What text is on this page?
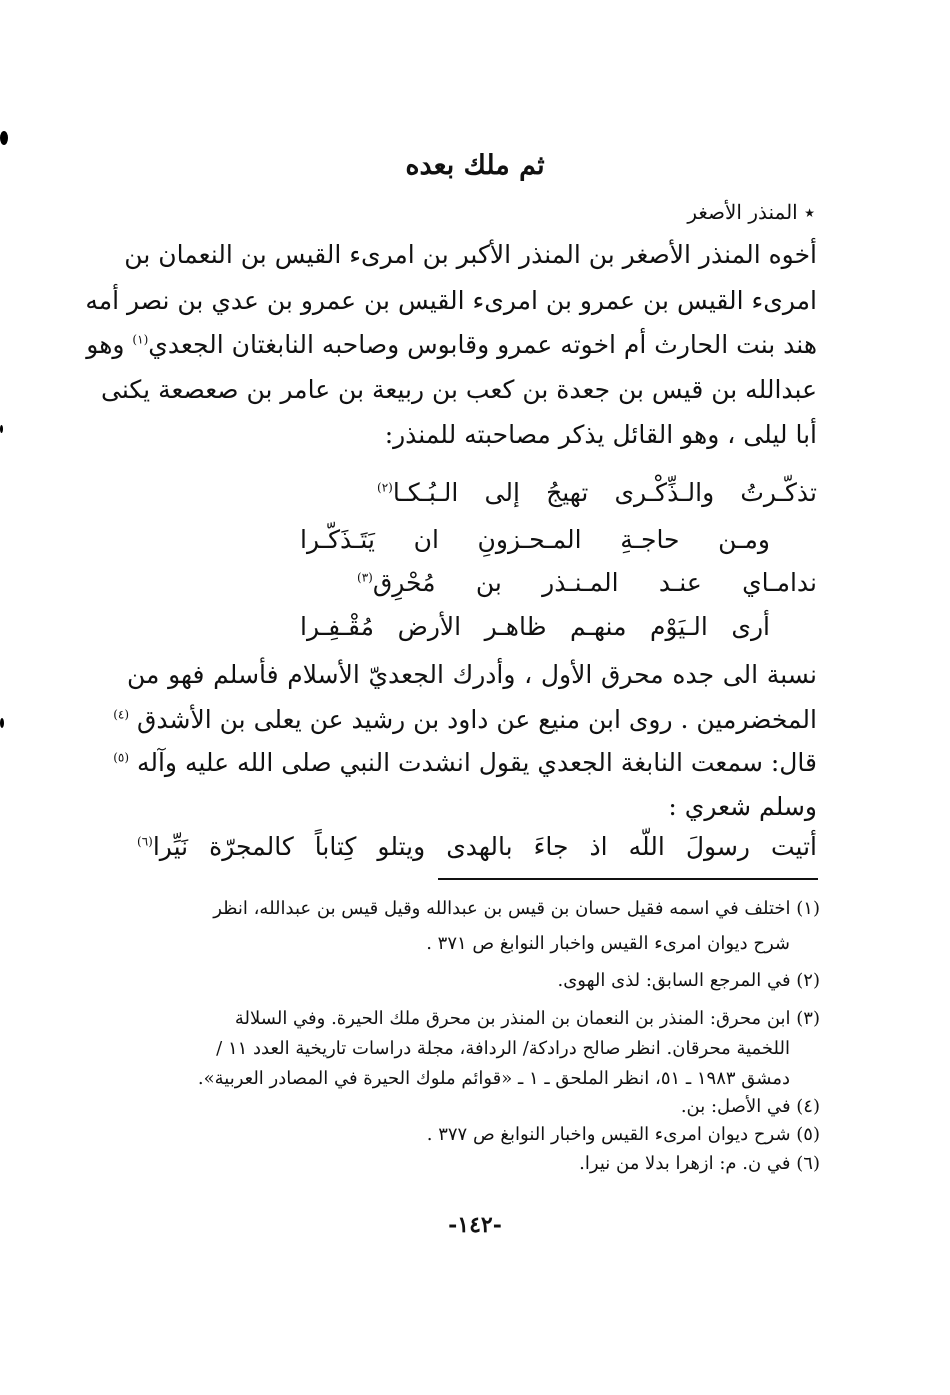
ثم ملك بعده
٭ المنذر الأصغر
أخوه المنذر الأصغر بن المنذر الأكبر بن امرىء القيس بن النعمان بن
امرىء القيس بن عمرو بن امرىء القيس بن عمرو بن عدي بن نصر أمه
هند بنت الحارث أم اخوته عمرو وقابوس وصاحبه النابغتان الجعدي$^{(١)}$ وهو
عبدالله بن قيس بن جعدة بن كعب بن ربيعة بن عامر بن صعصعة يكنى
أبا ليلى ، وهو القائل يذكر مصاحبته للمنذر:
تذكّـرتُ والـذِّكْـرى تهيجُ إلى الـبُـكـا$^{(٢)}$
ومـن حاجـةِ المـحـزونِ ان يَتَـذَكّـرا
ندامـاي عنـد المـنـذر بن مُحْرِق$^{(٣)}$
أرى الـيَوْم منهـم ظاهـر الأرض مُقْـفِـرا
نسبة الى جده محرق الأول ، وأدرك الجعديّ الأسلام فأسلم فهو من
المخضرمين . روى ابن منيع عن داود بن رشيد عن يعلى بن الأشدق $^{(٤)}$
قال: سمعت النابغة الجعدي يقول انشدت النبي صلى الله عليه وآله $^{(٥)}$
وسلم شعري :
أتيت رسولَ اللّه اذ جاءَ بالهدى ويتلو كِتاباً كالمجرّة نَيِّرا$^{(٦)}$
(١) اختلف في اسمه فقيل حسان بن قيس بن عبدالله وقيل قيس بن عبدالله، انظر
شرح ديوان امرىء القيس واخبار النوابغ ص ٣٧١ .
(٢) في المرجع السابق: لذى الهوى.
(٣) ابن محرق: المنذر بن النعمان بن المنذر بن محرق ملك الحيرة. وفي السلالة
اللخمية محرقان. انظر صالح درادكة/ الردافة، مجلة دراسات تاريخية العدد ١١ /
دمشق ١٩٨٣ ـ ٥١، انظر الملحق ـ ١ ـ «قوائم ملوك الحيرة في المصادر العربية».
(٤) في الأصل: بن.
(٥) شرح ديوان امرىء القيس واخبار النوابغ ص ٣٧٧ .
(٦) في ن. م: ازهرا بدلا من نيرا.
-١٤٢-
